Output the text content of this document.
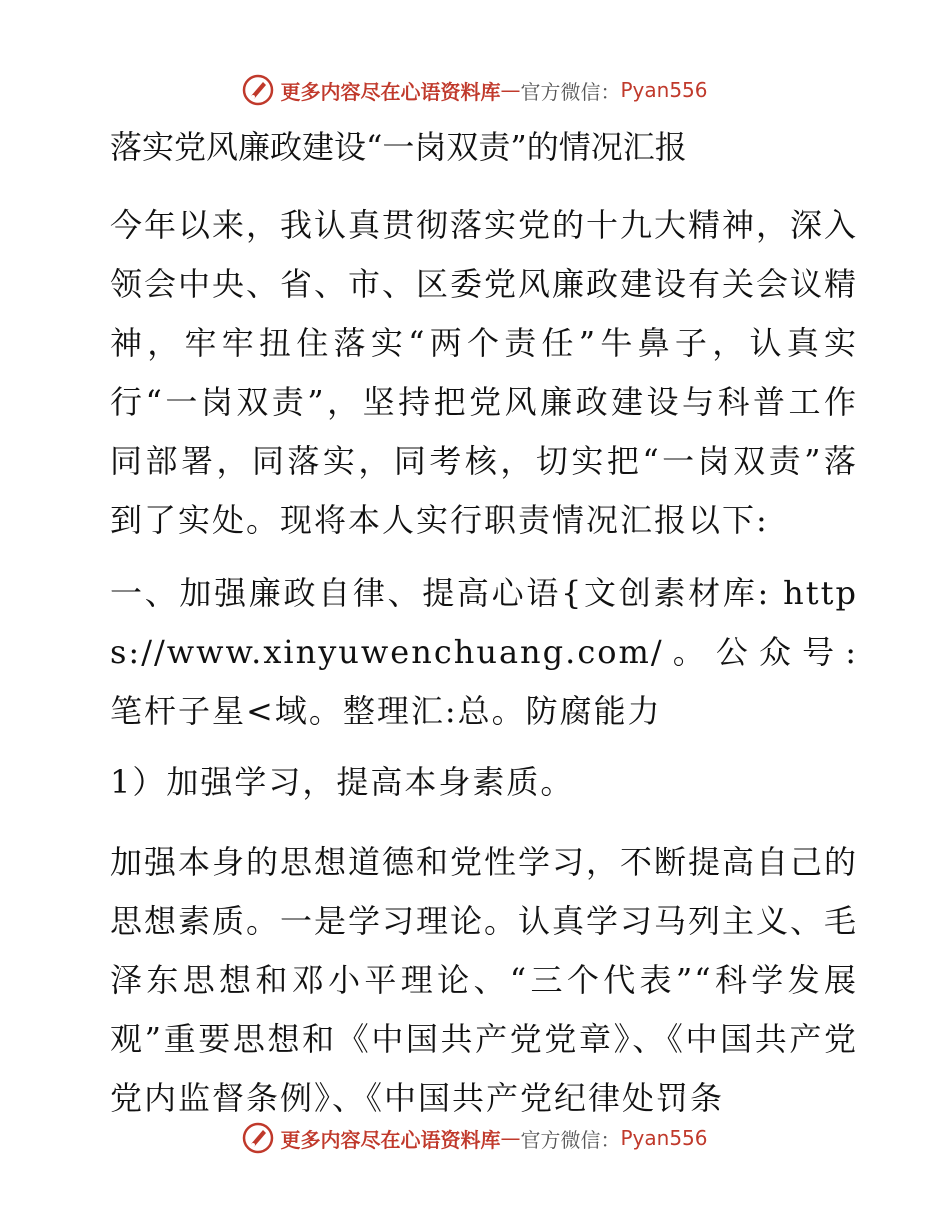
更多内容尽在心语资料库 — 官方微信： Pyan556
落实党风廉政建设“一岗双责”的情况汇报

今年以来，我认真贯彻落实党的十九大精神，深入领会中央、省、市、区委党风廉政建设有关会议精神，牢牢扭住落实“两个责任”牛鼻子，认真实行“一岗双责”，坚持把党风廉政建设与科普工作同部署，同落实，同考核，切实把“一岗双责”落到了实处。现将本人实行职责情况汇报以下:

一、加强廉政自律、提高心语{文创素材库: https://www.xinyuwenchuang.com/。公众号: 笔杆子星<域。整理汇:总。防腐能力

1）加强学习，提高本身素质。

加强本身的思想道德和党性学习，不断提高自己的思想素质。一是学习理论。认真学习马列主义、毛泽东思想和邓小平理论、“三个代表”“科学发展观”重要思想和《中国共产党党章》、《中国共产党党内监督条例》、《中国共产党纪律处罚条

更多内容尽在心语资料库 — 官方微信： Pyan556
